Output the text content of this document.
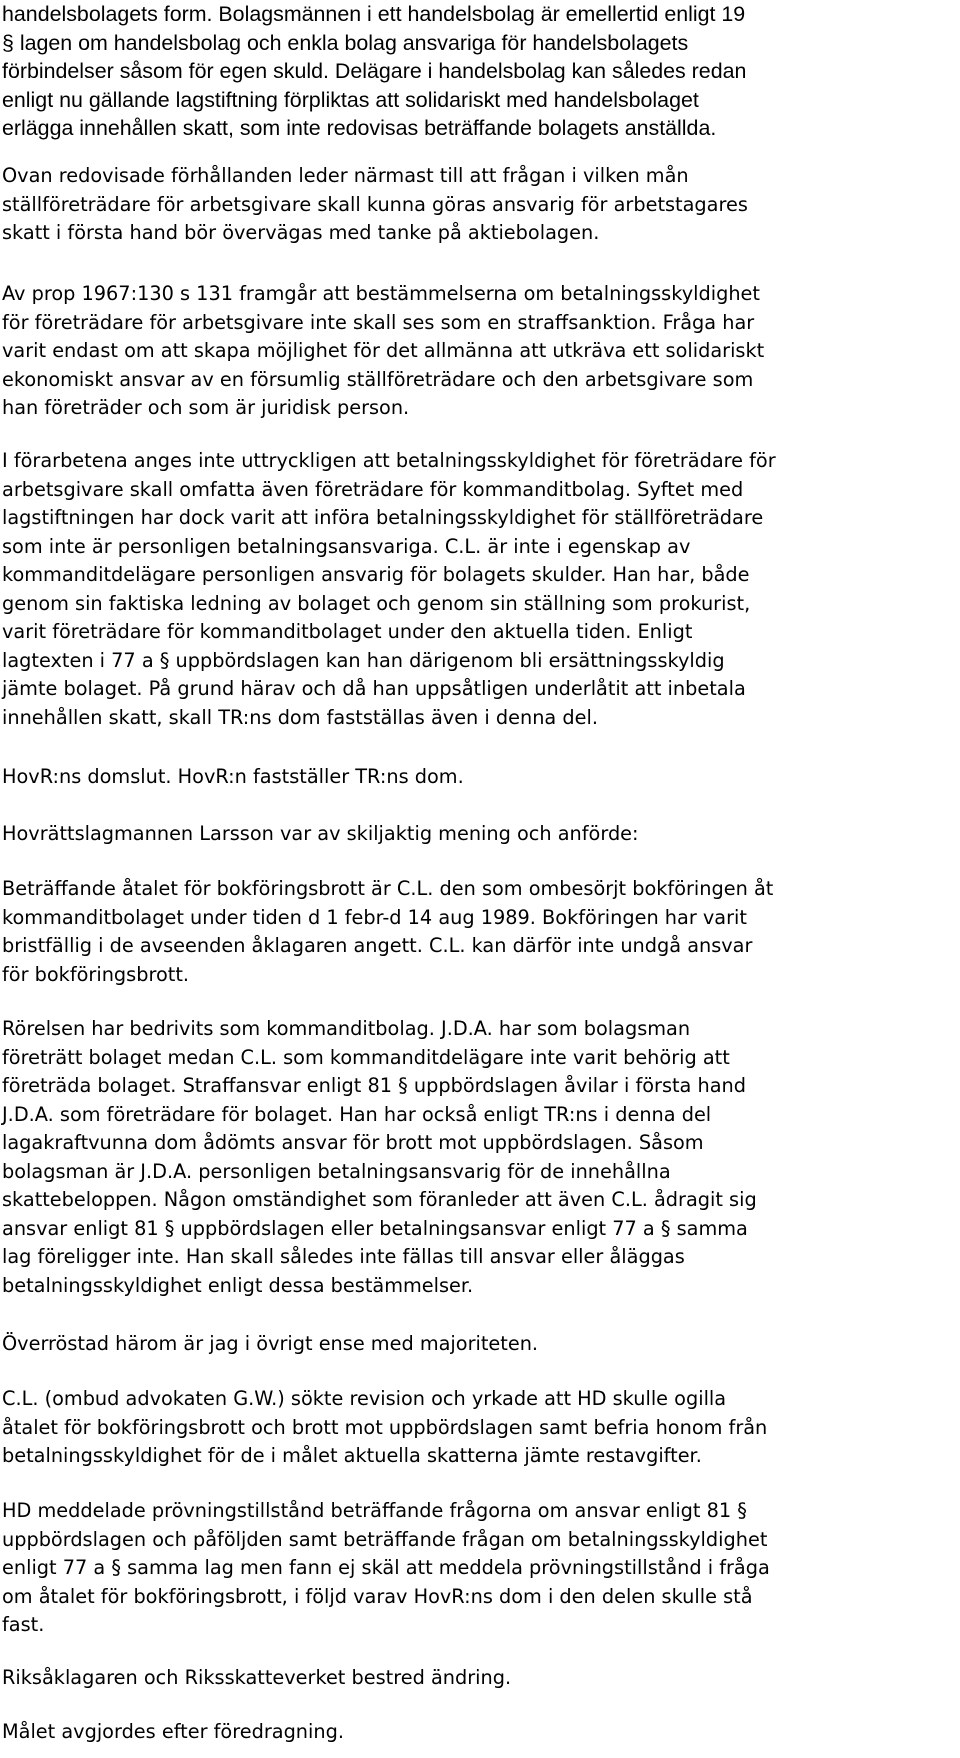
handelsbolagets form. Bolagsmännen i ett handelsbolag är emellertid enligt 19
§ lagen om handelsbolag och enkla bolag ansvariga för handelsbolagets
förbindelser såsom för egen skuld. Delägare i handelsbolag kan således redan
enligt nu gällande lagstiftning förpliktas att solidariskt med handelsbolaget
erlägga innehållen skatt, som inte redovisas beträffande bolagets anställda.
Ovan redovisade förhållanden leder närmast till att frågan i vilken mån
ställföreträdare för arbetsgivare skall kunna göras ansvarig för arbetstagares
skatt i första hand bör övervägas med tanke på aktiebolagen.
Av prop 1967:130 s 131 framgår att bestämmelserna om betalningsskyldighet
för företrädare för arbetsgivare inte skall ses som en straffsanktion. Fråga har
varit endast om att skapa möjlighet för det allmänna att utkräva ett solidariskt
ekonomiskt ansvar av en försumlig ställföreträdare och den arbetsgivare som
han företräder och som är juridisk person.
I förarbetena anges inte uttryckligen att betalningsskyldighet för företrädare för
arbetsgivare skall omfatta även företrädare för kommanditbolag. Syftet med
lagstiftningen har dock varit att införa betalningsskyldighet för ställföreträdare
som inte är personligen betalningsansvariga. C.L. är inte i egenskap av
kommanditdelägare personligen ansvarig för bolagets skulder. Han har, både
genom sin faktiska ledning av bolaget och genom sin ställning som prokurist,
varit företrädare för kommanditbolaget under den aktuella tiden. Enligt
lagtexten i 77 a § uppbördslagen kan han därigenom bli ersättningsskyldig
jämte bolaget. På grund härav och då han uppsåtligen underlåtit att inbetala
innehållen skatt, skall TR:ns dom fastställas även i denna del.
HovR:ns domslut. HovR:n fastställer TR:ns dom.
Hovrättslagmannen Larsson var av skiljaktig mening och anförde:
Beträffande åtalet för bokföringsbrott är C.L. den som ombesörjt bokföringen åt
kommanditbolaget under tiden d 1 febr-d 14 aug 1989. Bokföringen har varit
bristfällig i de avseenden åklagaren angett. C.L. kan därför inte undgå ansvar
för bokföringsbrott.
Rörelsen har bedrivits som kommanditbolag. J.D.A. har som bolagsman
företrätt bolaget medan C.L. som kommanditdelägare inte varit behörig att
företräda bolaget. Straffansvar enligt 81 § uppbördslagen åvilar i första hand
J.D.A. som företrädare för bolaget. Han har också enligt TR:ns i denna del
lagakraftvunna dom ådömts ansvar för brott mot uppbördslagen. Såsom
bolagsman är J.D.A. personligen betalningsansvarig för de innehållna
skattebeloppen. Någon omständighet som föranleder att även C.L. ådragit sig
ansvar enligt 81 § uppbördslagen eller betalningsansvar enligt 77 a § samma
lag föreligger inte. Han skall således inte fällas till ansvar eller åläggas
betalningsskyldighet enligt dessa bestämmelser.
Överröstad härom är jag i övrigt ense med majoriteten.
C.L. (ombud advokaten G.W.) sökte revision och yrkade att HD skulle ogilla
åtalet för bokföringsbrott och brott mot uppbördslagen samt befria honom från
betalningsskyldighet för de i målet aktuella skatterna jämte restavgifter.
HD meddelade prövningstillstånd beträffande frågorna om ansvar enligt 81 §
uppbördslagen och påföljden samt beträffande frågan om betalningsskyldighet
enligt 77 a § samma lag men fann ej skäl att meddela prövningstillstånd i fråga
om åtalet för bokföringsbrott, i följd varav HovR:ns dom i den delen skulle stå
fast.
Riksåklagaren och Riksskatteverket bestred ändring.
Målet avgjordes efter föredragning.
